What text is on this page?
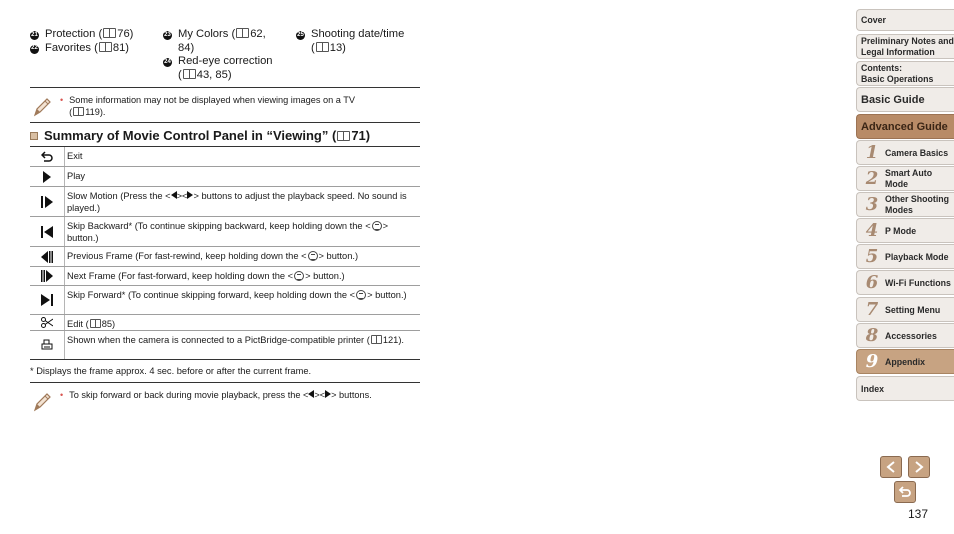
21 Protection ( 76)
22 Favorites ( 81)
23 My Colors ( 62,
84)
24 Red-eye correction
( 43, 85)
25 Shooting date/time
( 13)
• Some information may not be displayed when viewing images on a TV
( 119).
Summary of Movie Control Panel in “Viewing” ( 71)
Exit
Play
Slow Motion (Press the < >< > buttons to adjust the playback speed. No sound is played.)
Skip Backward* (To continue skipping backward, keep holding down the < > button.)
Previous Frame (For fast-rewind, keep holding down the < > button.)
Next Frame (For fast-forward, keep holding down the < > button.)
Skip Forward* (To continue skipping forward, keep holding down the < > button.)
Edit ( 85)
Shown when the camera is connected to a PictBridge-compatible printer ( 121).
* Displays the frame approx. 4 sec. before or after the current frame.
• To skip forward or back during movie playback, press the < >< > buttons.
Cover
Preliminary Notes and
Legal Information
Contents:
Basic Operations
Basic Guide
Advanced Guide
1 Camera Basics
2 Smart Auto
Mode
3 Other Shooting
Modes
4 P Mode
5 Playback Mode
6 Wi-Fi Functions
7 Setting Menu
8 Accessories
9 Appendix
Index
137
